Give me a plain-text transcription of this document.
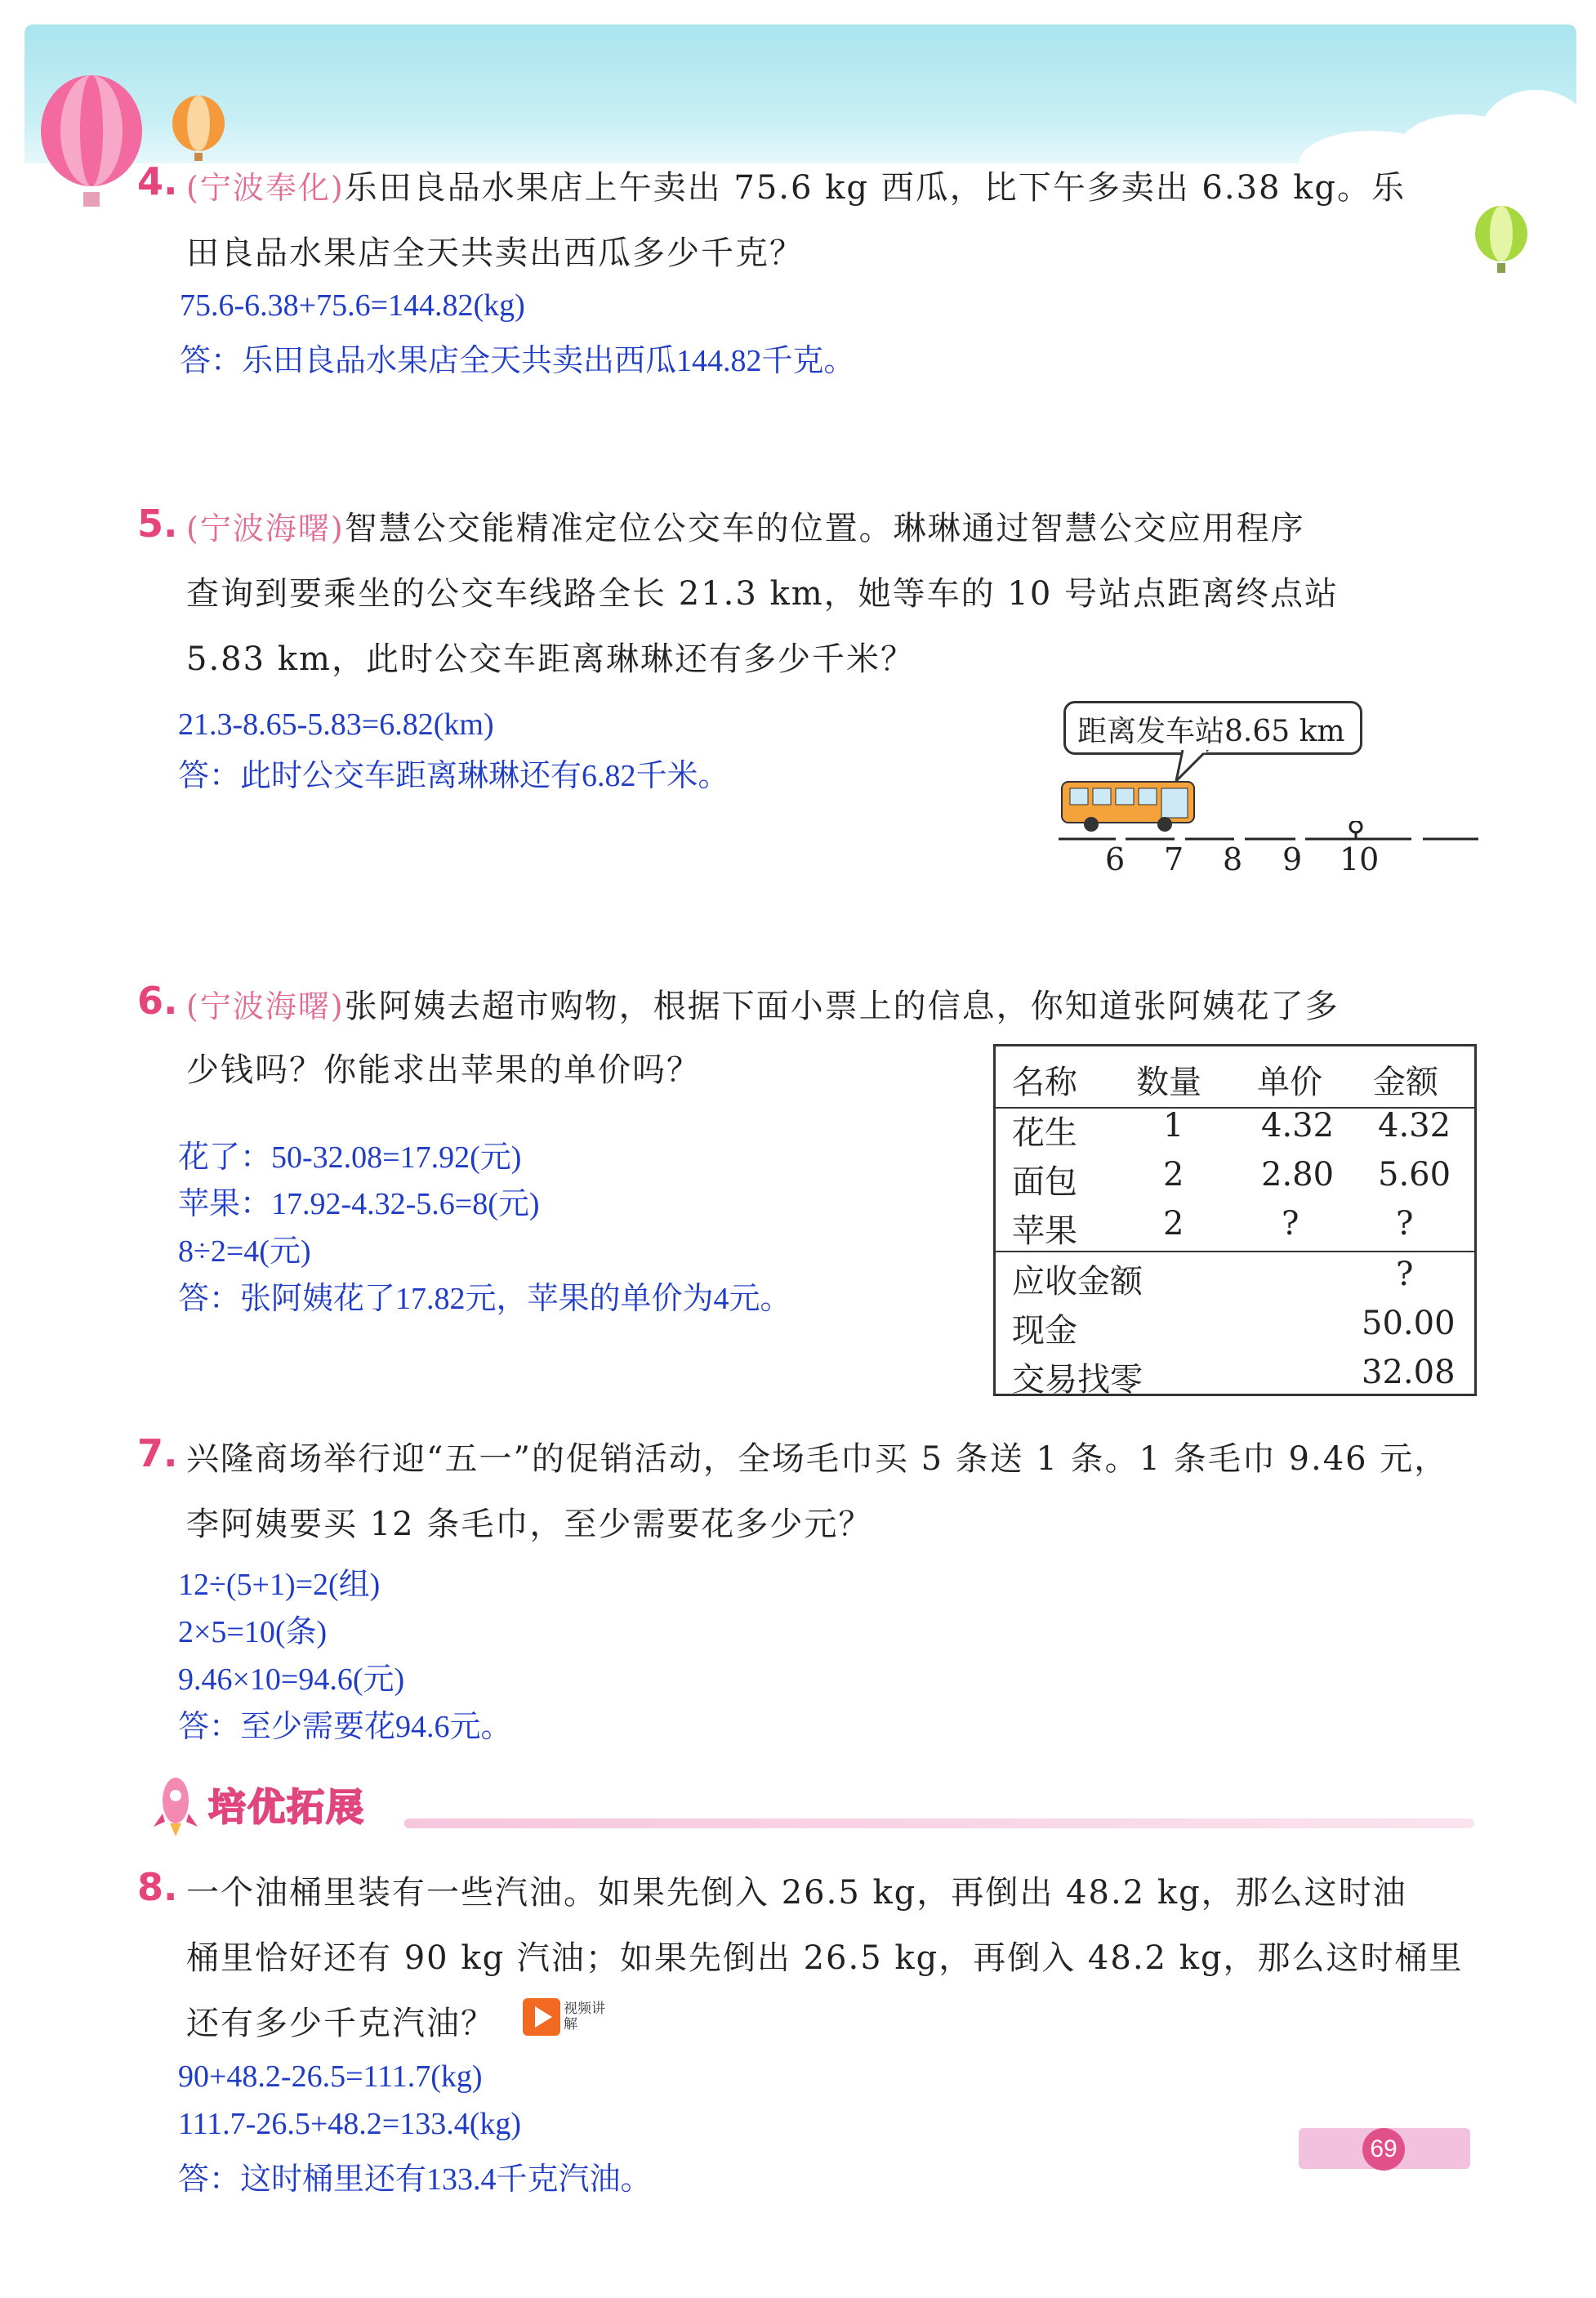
4. (宁波奉化)乐田良品水果店上午卖出 75.6 kg 西瓜，比下午多卖出 6.38 kg。乐
田良品水果店全天共卖出西瓜多少千克？
75.6-6.38+75.6=144.82(kg)
答：乐田良品水果店全天共卖出西瓜144.82千克。
5. (宁波海曙)智慧公交能精准定位公交车的位置。琳琳通过智慧公交应用程序
查询到要乘坐的公交车线路全长 21.3 km，她等车的 10 号站点距离终点站
5.83 km，此时公交车距离琳琳还有多少千米？
21.3-8.65-5.83=6.82(km)
答：此时公交车距离琳琳还有6.82千米。
距离发车站8.65 km
6 7 8 9 10
6. (宁波海曙)张阿姨去超市购物，根据下面小票上的信息，你知道张阿姨花了多
少钱吗？你能求出苹果的单价吗？
花了：50-32.08=17.92(元)
苹果：17.92-4.32-5.6=8(元)
8÷2=4(元)
答：张阿姨花了17.82元，苹果的单价为4元。
名称 数量 单价 金额
花生	1 4.32 4.32
面包	2 2.80 5.60
苹果	2	?	?
应收金额	?
现金	50.00
交易找零	32.08
7. 兴隆商场举行迎“五一”的促销活动，全场毛巾买 5 条送 1 条。1 条毛巾 9.46 元，
李阿姨要买 12 条毛巾，至少需要花多少元？
12÷(5+1)=2(组)
2×5=10(条)
9.46×10=94.6(元)
答：至少需要花94.6元。
培优拓展
8. 一个油桶里装有一些汽油。如果先倒入 26.5 kg，再倒出 48.2 kg，那么这时油
桶里恰好还有 90 kg 汽油；如果先倒出 26.5 kg，再倒入 48.2 kg，那么这时桶里
还有多少千克汽油？	视频讲解
90+48.2-26.5=111.7(kg)
111.7-26.5+48.2=133.4(kg)
答：这时桶里还有133.4千克汽油。
69
